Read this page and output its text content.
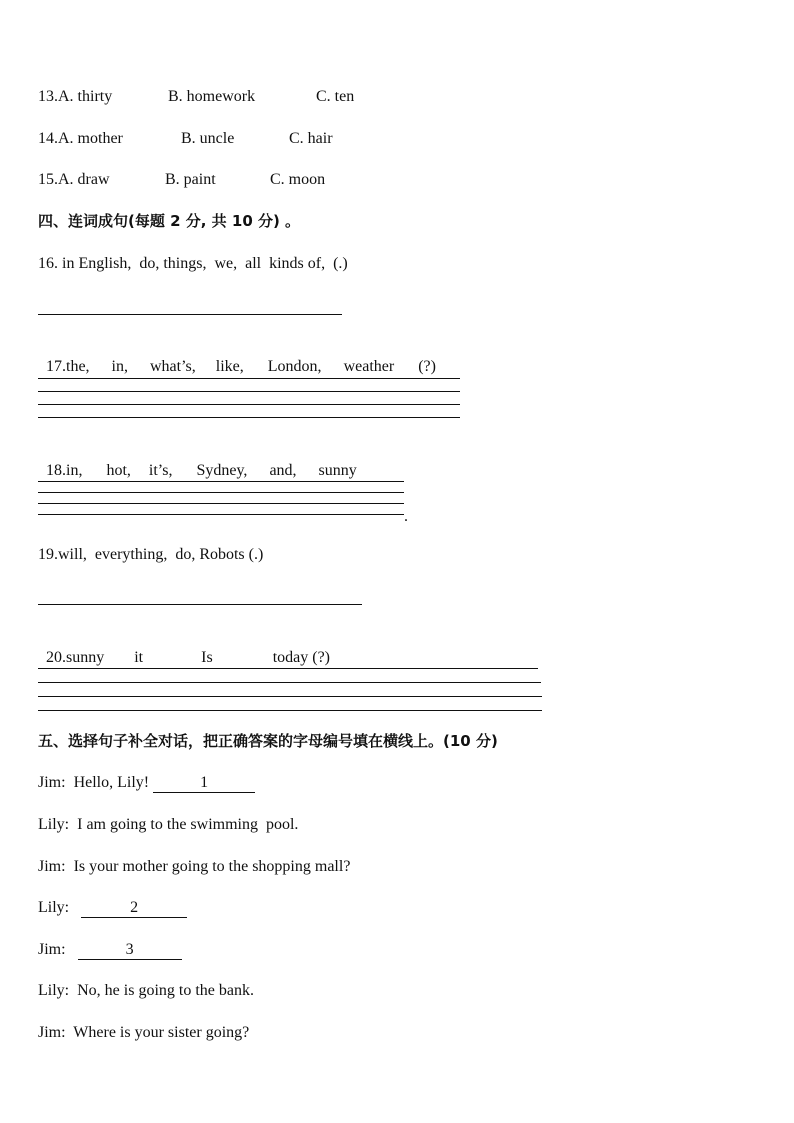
13.A. thirty	B. homework	C. ten
14.A. mother	B. uncle	C. hair
15.A. draw	B. paint	C. moon
四、连词成句(每题 2 分, 共 10 分) 。
16. in English,  do, things,  we,  all  kinds of,  (.)

17.the, in, what’s, like, London, weather (?)

18.in, hot, it’s, Sydney, and, sunny

.
19.will,  everything,  do, Robots (.)

20.sunny it	Is	today (?)

五、选择句子补全对话，把正确答案的字母编号填在横线上。(10 分)
Jim: Hello, Lily!	1
Lily: I am going to the swimming  pool.
Jim: Is your mother going to the shopping mall?
Lily:	2
Jim:	3
Lily: No, he is going to the bank.
Jim: Where is your sister going?
